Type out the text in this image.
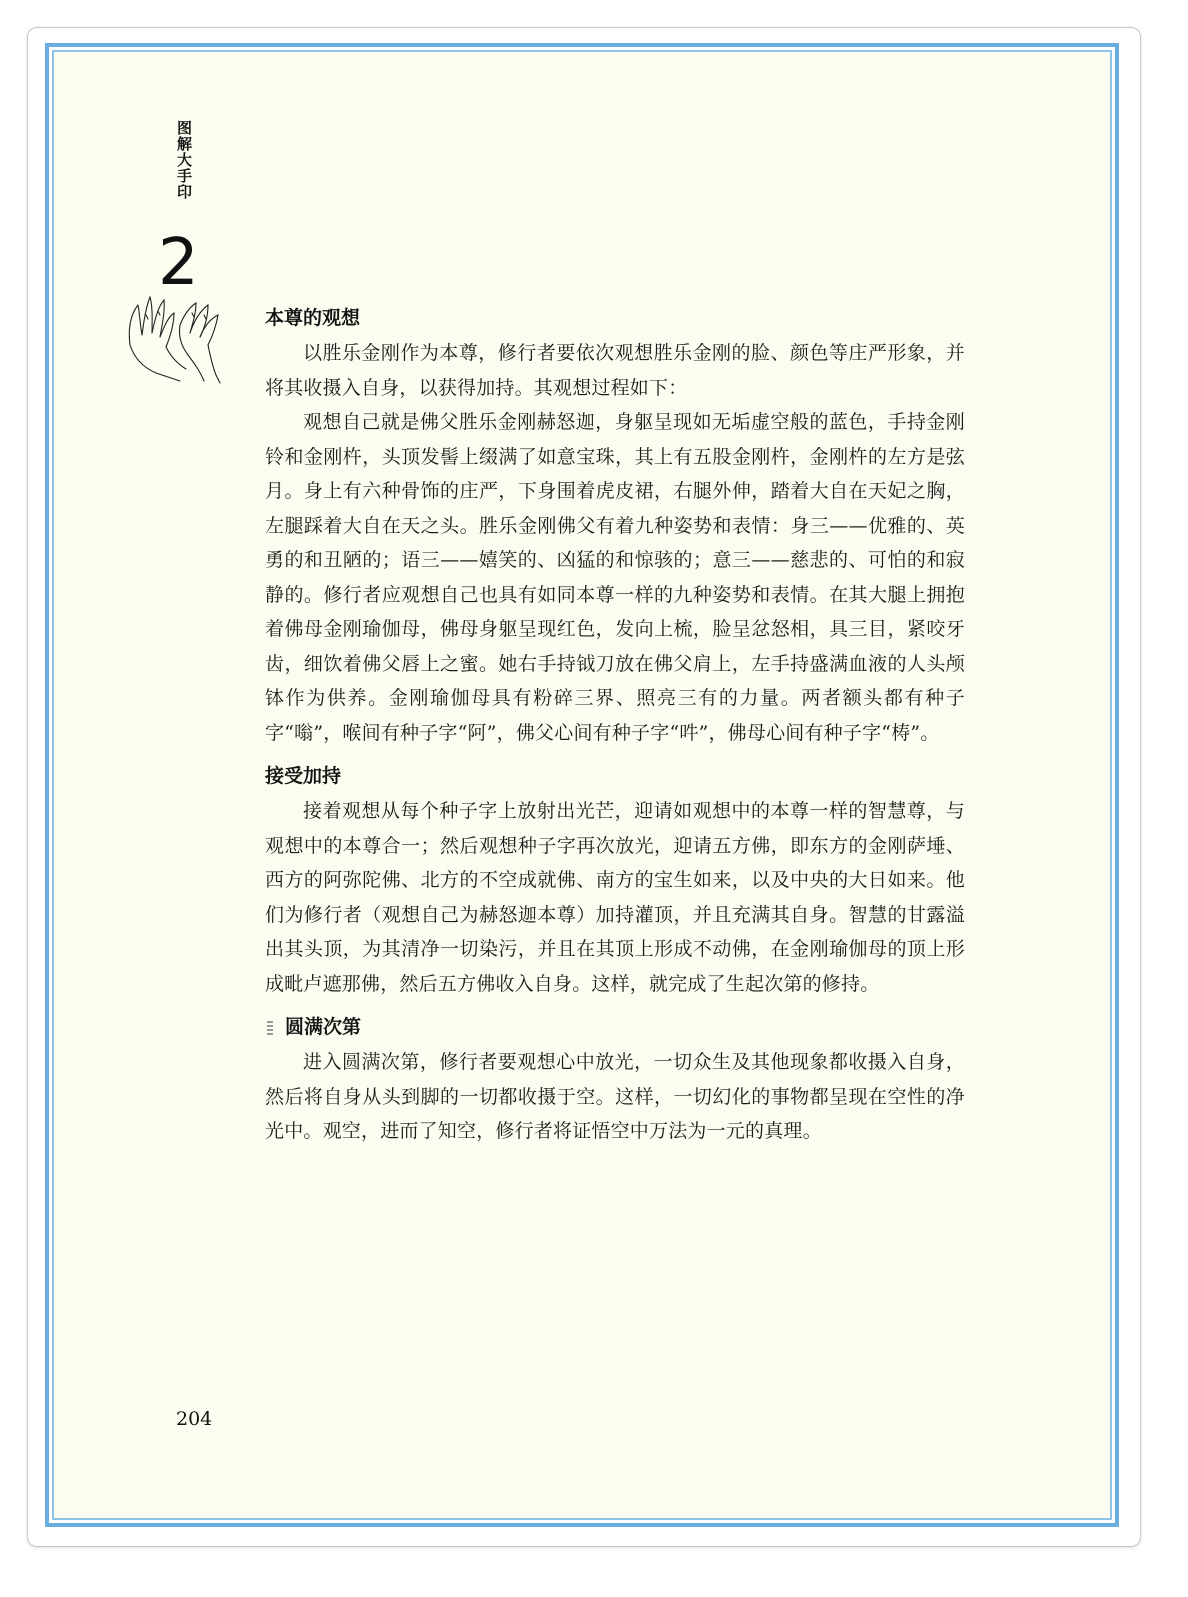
图解大手印
2
本尊的观想

以胜乐金刚作为本尊，修行者要依次观想胜乐金刚的脸、颜色等庄严形象，并将其收摄入自身，以获得加持。其观想过程如下：

观想自己就是佛父胜乐金刚赫怒迦，身躯呈现如无垢虚空般的蓝色，手持金刚铃和金刚杵，头顶发髻上缀满了如意宝珠，其上有五股金刚杵，金刚杵的左方是弦月。身上有六种骨饰的庄严，下身围着虎皮裙，右腿外伸，踏着大自在天妃之胸，左腿踩着大自在天之头。胜乐金刚佛父有着九种姿势和表情：身三——优雅的、英勇的和丑陋的；语三——嬉笑的、凶猛的和惊骇的；意三——慈悲的、可怕的和寂静的。修行者应观想自己也具有如同本尊一样的九种姿势和表情。在其大腿上拥抱着佛母金刚瑜伽母，佛母身躯呈现红色，发向上梳，脸呈忿怒相，具三目，紧咬牙齿，细饮着佛父唇上之蜜。她右手持钺刀放在佛父肩上，左手持盛满血液的人头颅钵作为供养。金刚瑜伽母具有粉碎三界、照亮三有的力量。两者额头都有种子字“嗡”，喉间有种子字“阿”，佛父心间有种子字“吽”，佛母心间有种子字“梼”。

接受加持

接着观想从每个种子字上放射出光芒，迎请如观想中的本尊一样的智慧尊，与观想中的本尊合一；然后观想种子字再次放光，迎请五方佛，即东方的金刚萨埵、西方的阿弥陀佛、北方的不空成就佛、南方的宝生如来，以及中央的大日如来。他们为修行者（观想自己为赫怒迦本尊）加持灌顶，并且充满其自身。智慧的甘露溢出其头顶，为其清净一切染污，并且在其顶上形成不动佛，在金刚瑜伽母的顶上形成毗卢遮那佛，然后五方佛收入自身。这样，就完成了生起次第的修持。

圆满次第

进入圆满次第，修行者要观想心中放光，一切众生及其他现象都收摄入自身，然后将自身从头到脚的一切都收摄于空。这样，一切幻化的事物都呈现在空性的净光中。观空，进而了知空，修行者将证悟空中万法为一元的真理。

204
